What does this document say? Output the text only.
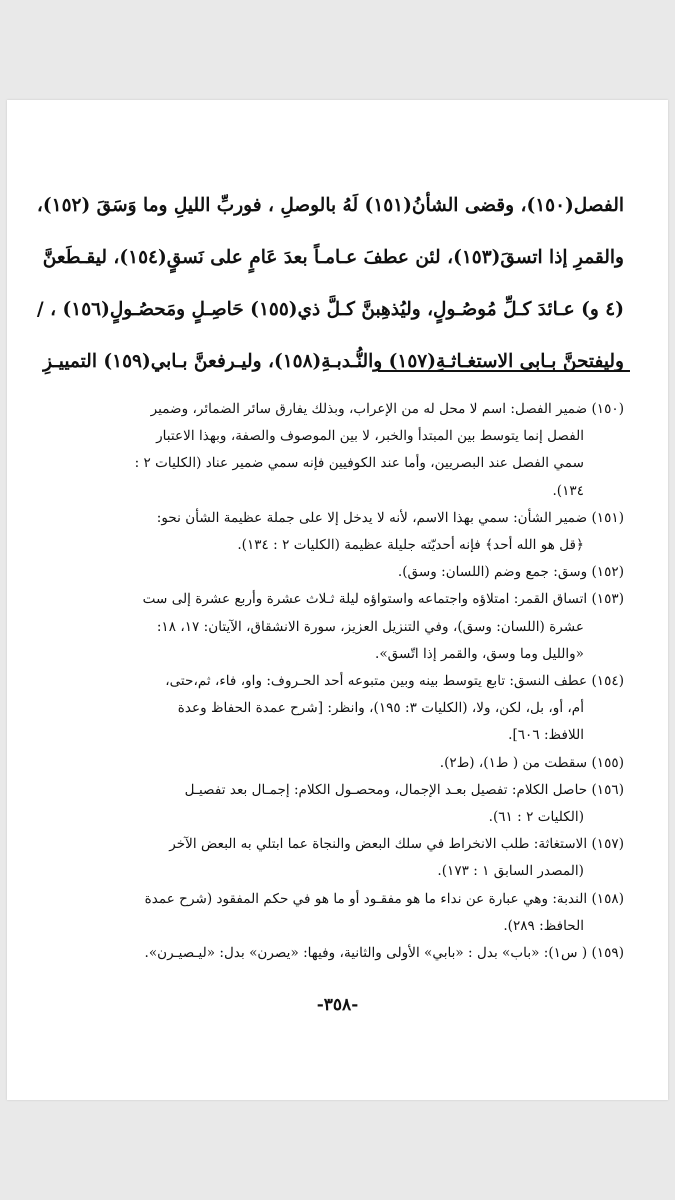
الفصل(١٥٠)، وقضى الشأنُ(١٥١) لَهُ بالوصلِ ، فوربِّ الليلِ وما وَسَقَ (١٥٢)،
والقمرِ إذا اتسقَ(١٥٣)، لئن عطفَ عـامـاً بعدَ عَامٍ على نَسقٍ(١٥٤)، ليقـطَعنَّ
(٤ و) عـائدَ كـلِّ مُوصُـولٍ، وليُذهِبنَّ كـلَّ ذي(١٥٥) حَاصِـلٍ ومَحصُـولٍ(١٥٦) ، /
وليفتحنَّ بـابي الاستغـاثـةِ(١٥٧) والنُّـدبـةِ(١٥٨)، وليـرفعنَّ بـابي(١٥٩) التمييـزِ

(١٥٠) ضمير الفصل: اسم لا محل له من الإعراب، وبذلك يفارق سائر الضمائر، وضمير
الفصل إنما يتوسط بين المبتدأ والخبر، لا بين الموصوف والصفة، وبهذا الاعتبار
سمي الفصل عند البصريين، وأما عند الكوفيين فإنه سمي ضمير عناد (الكليات ٢ :
١٣٤).
(١٥١) ضمير الشأن: سمي بهذا الاسم، لأنه لا يدخل إلا على جملة عظيمة الشأن نحو:
﴿قل هو الله أحد﴾ فإنه أحديّته جليلة عظيمة (الكليات ٢ : ١٣٤).
(١٥٢) وسق: جمع وضم (اللسان: وسق).
(١٥٣) اتساق القمر: امتلاؤه واجتماعه واستواؤه ليلة ثـلاث عشرة وأربع عشرة إلى ست
عشرة (اللسان: وسق)، وفي التنزيل العزيز، سورة الانشقاق، الآيتان: ١٧، ١٨:
«والليل وما وسق، والقمر إذا اتّسق».
(١٥٤) عطف النسق: تابع يتوسط بينه وبين متبوعه أحد الحـروف: واو، فاء، ثم،حتى،
أم، أو، بل، لكن، ولا، (الكليات ٣: ١٩٥)، وانظر: [شرح عمدة الحفاظ وعدة
اللافظ: ٦٠٦].
(١٥٥) سقطت من ( ط١)، (ط٢).
(١٥٦) حاصل الكلام: تفصيل بعـد الإجمال، ومحصـول الكلام: إجمـال بعد تفصيـل
(الكليات ٢ : ٦١).
(١٥٧) الاستغاثة: طلب الانخراط في سلك البعض والنجاة عما ابتلي به البعض الآخر
(المصدر السابق ١ : ١٧٣).
(١٥٨) الندبة: وهي عبارة عن نداء ما هو مفقـود أو ما هو في حكم المفقود (شرح عمدة
الحافظ: ٢٨٩).
(١٥٩) ( س١): «باب» بدل : «بابي» الأولى والثانية، وفيها: «يصرن» بدل: «ليـصيـرن».
-٣٥٨-
